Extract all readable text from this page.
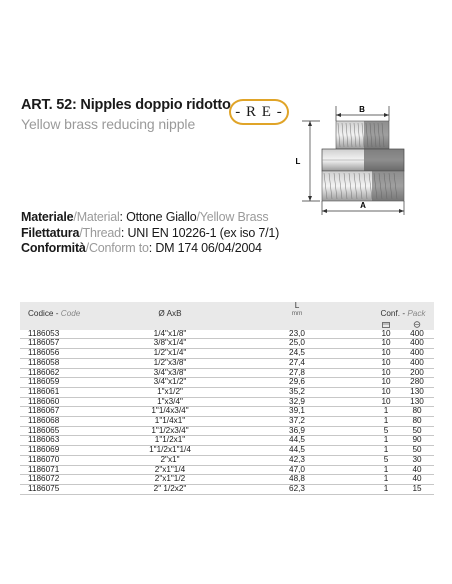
ART. 52: Nipples doppio ridotto
Yellow brass reducing nipple
- R E -	B
L
A
Materiale/Material: Ottone Giallo/Yellow Brass
Filettatura/Thread: UNI EN 10226-1 (ex iso 7/1)
Conformità/Conform to: DM 174 06/04/2004
Codice - Code	Ø AxB	L
mm	Conf. - Pack	

1186053	1/4"x1/8"	23,0	10	400
1186057	3/8"x1/4"	25,0	10	400
1186056	1/2"x1/4"	24,5	10	400
1186058	1/2"x3/8"	27,4	10	400
1186062	3/4"x3/8"	27,8	10	200
1186059	3/4"x1/2"	29,6	10	280
1186061	1"x1/2"	35,2	10	130
1186060	1"x3/4"	32,9	10	130
1186067	1"1/4x3/4"	39,1	1	80
1186068	1"1/4x1"	37,2	1	80
1186065	1"1/2x3/4"	36,9	5	50
1186063	1"1/2x1"	44,5	1	90
1186069	1"1/2x1"1/4	44,5	1	50
1186070	2"x1"	42,3	5	30
1186071	2"x1"1/4	47,0	1	40
1186072	2"x1"1/2	48,8	1	40
1186075	2" 1/2x2"	62,3	1	15
